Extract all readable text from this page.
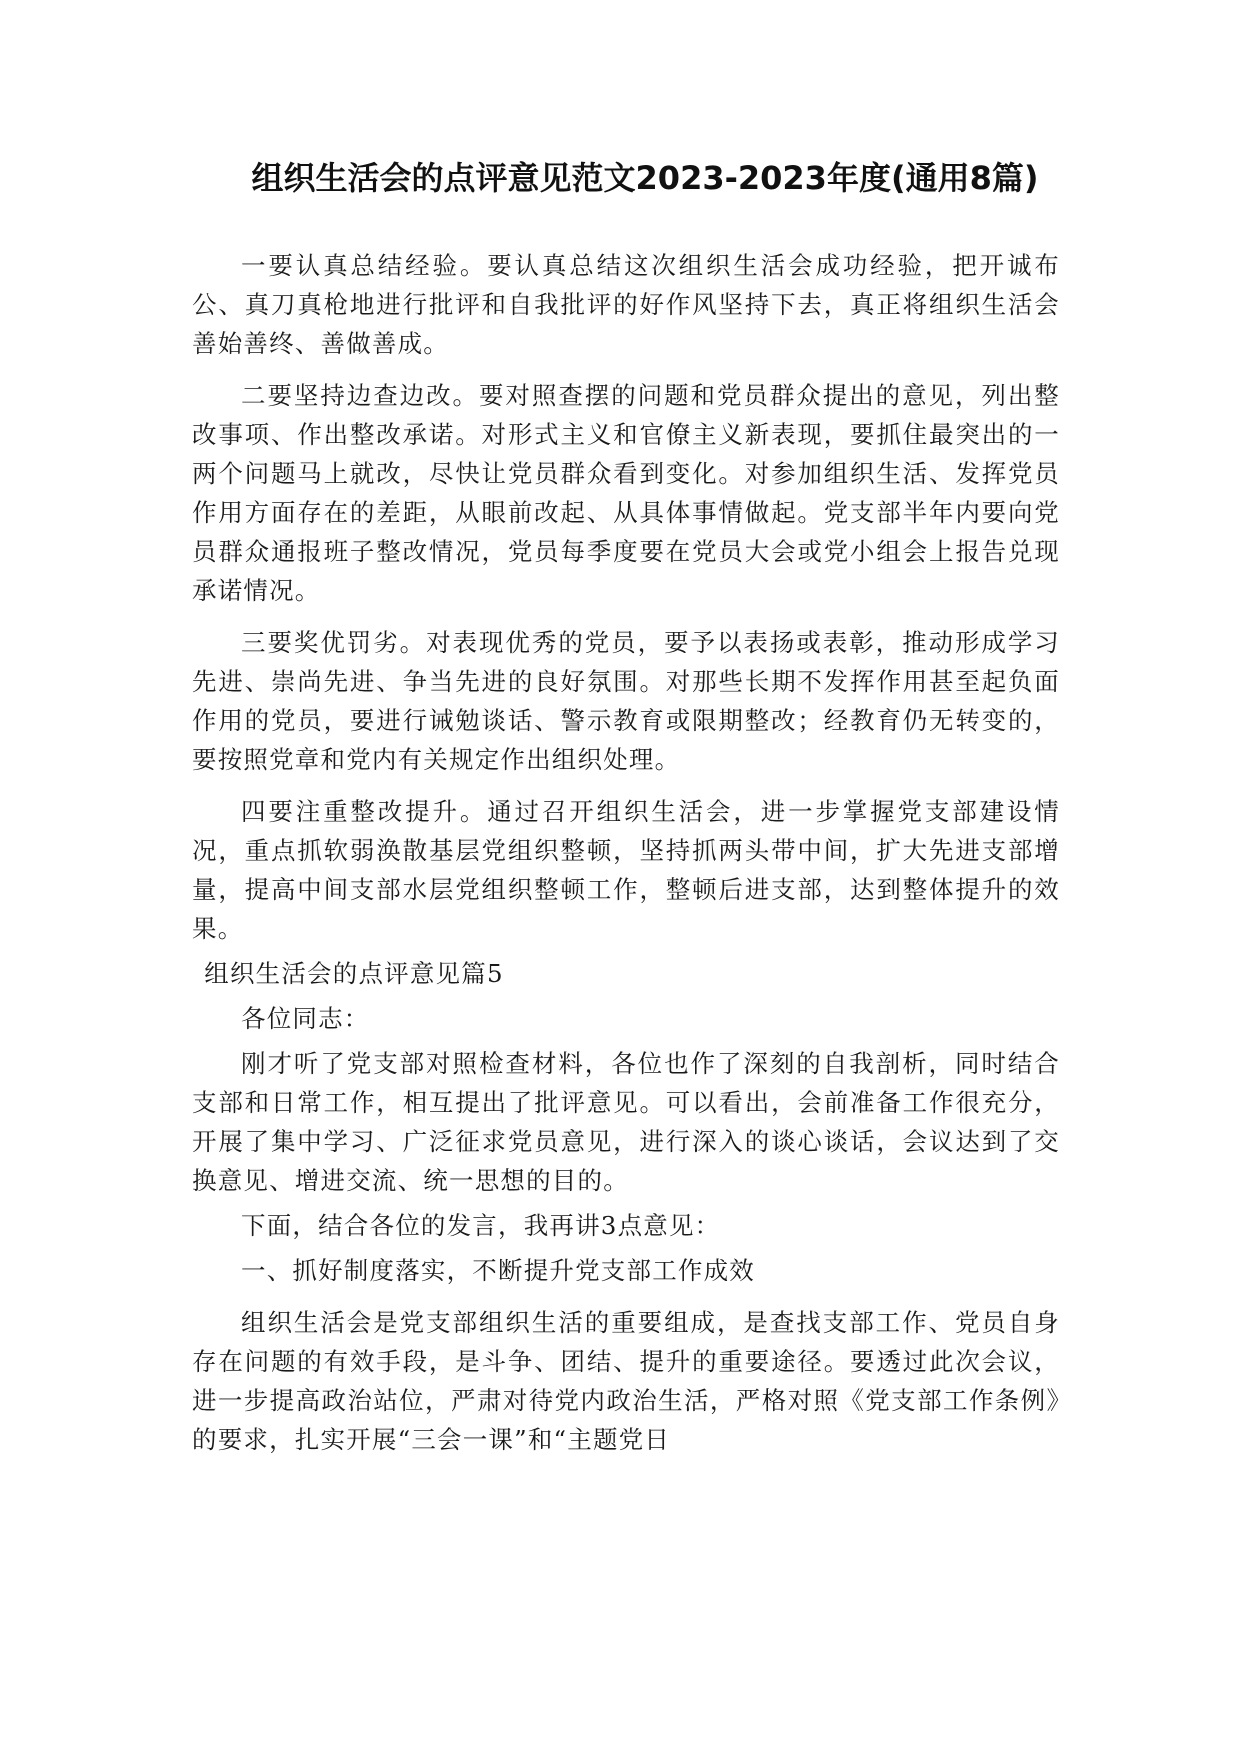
组织生活会的点评意见范文2023-2023年度(通用8篇)

一要认真总结经验。要认真总结这次组织生活会成功经验，把开诚布公、真刀真枪地进行批评和自我批评的好作风坚持下去，真正将组织生活会善始善终、善做善成。

二要坚持边查边改。要对照查摆的问题和党员群众提出的意见，列出整改事项、作出整改承诺。对形式主义和官僚主义新表现，要抓住最突出的一两个问题马上就改，尽快让党员群众看到变化。对参加组织生活、发挥党员作用方面存在的差距，从眼前改起、从具体事情做起。党支部半年内要向党员群众通报班子整改情况，党员每季度要在党员大会或党小组会上报告兑现承诺情况。

三要奖优罚劣。对表现优秀的党员，要予以表扬或表彰，推动形成学习先进、崇尚先进、争当先进的良好氛围。对那些长期不发挥作用甚至起负面作用的党员，要进行诫勉谈话、警示教育或限期整改；经教育仍无转变的，要按照党章和党内有关规定作出组织处理。

四要注重整改提升。通过召开组织生活会，进一步掌握党支部建设情况，重点抓软弱涣散基层党组织整顿，坚持抓两头带中间，扩大先进支部增量，提高中间支部水层党组织整顿工作，整顿后进支部，达到整体提升的效果。

组织生活会的点评意见篇5

各位同志：

刚才听了党支部对照检查材料，各位也作了深刻的自我剖析，同时结合支部和日常工作，相互提出了批评意见。可以看出，会前准备工作很充分，开展了集中学习、广泛征求党员意见，进行深入的谈心谈话，会议达到了交换意见、增进交流、统一思想的目的。

下面，结合各位的发言，我再讲3点意见：

一、抓好制度落实，不断提升党支部工作成效

组织生活会是党支部组织生活的重要组成，是查找支部工作、党员自身存在问题的有效手段，是斗争、团结、提升的重要途径。要透过此次会议，进一步提高政治站位，严肃对待党内政治生活，严格对照《党支部工作条例》的要求，扎实开展“三会一课”和“主题党日
